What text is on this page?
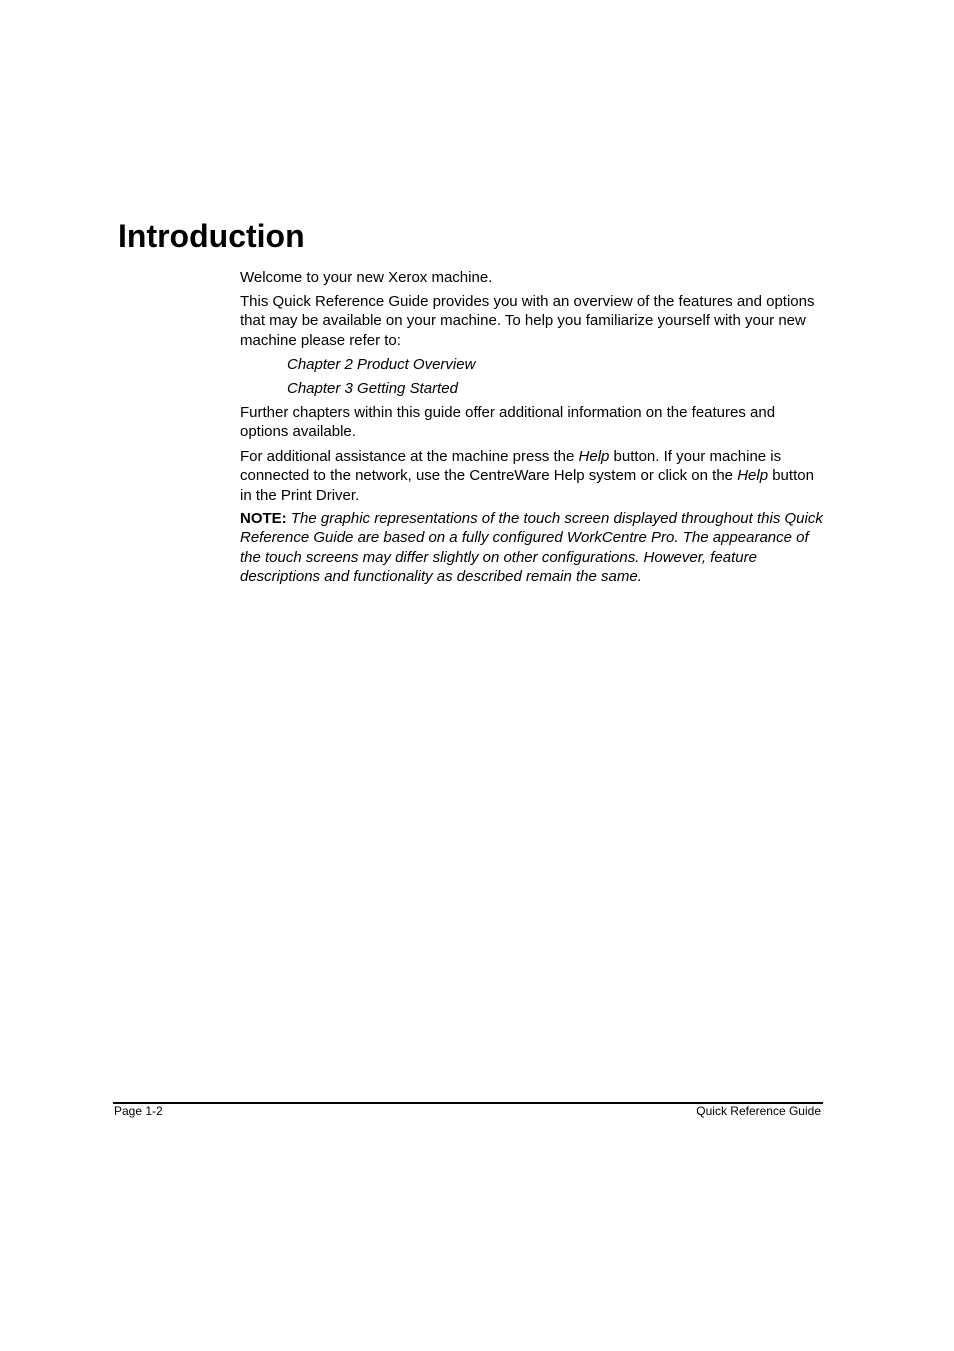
Introduction

Welcome to your new Xerox machine.

This Quick Reference Guide provides you with an overview of the features and options that may be available on your machine. To help you familiarize yourself with your new machine please refer to:

Chapter 2 Product Overview
Chapter 3 Getting Started

Further chapters within this guide offer additional information on the features and options available.

For additional assistance at the machine press the Help button. If your machine is connected to the network, use the CentreWare Help system or click on the Help button in the Print Driver.

NOTE: The graphic representations of the touch screen displayed throughout this Quick Reference Guide are based on a fully configured WorkCentre Pro. The appearance of the touch screens may differ slightly on other configurations. However, feature descriptions and functionality as described remain the same.

Page 1-2	Quick Reference Guide
